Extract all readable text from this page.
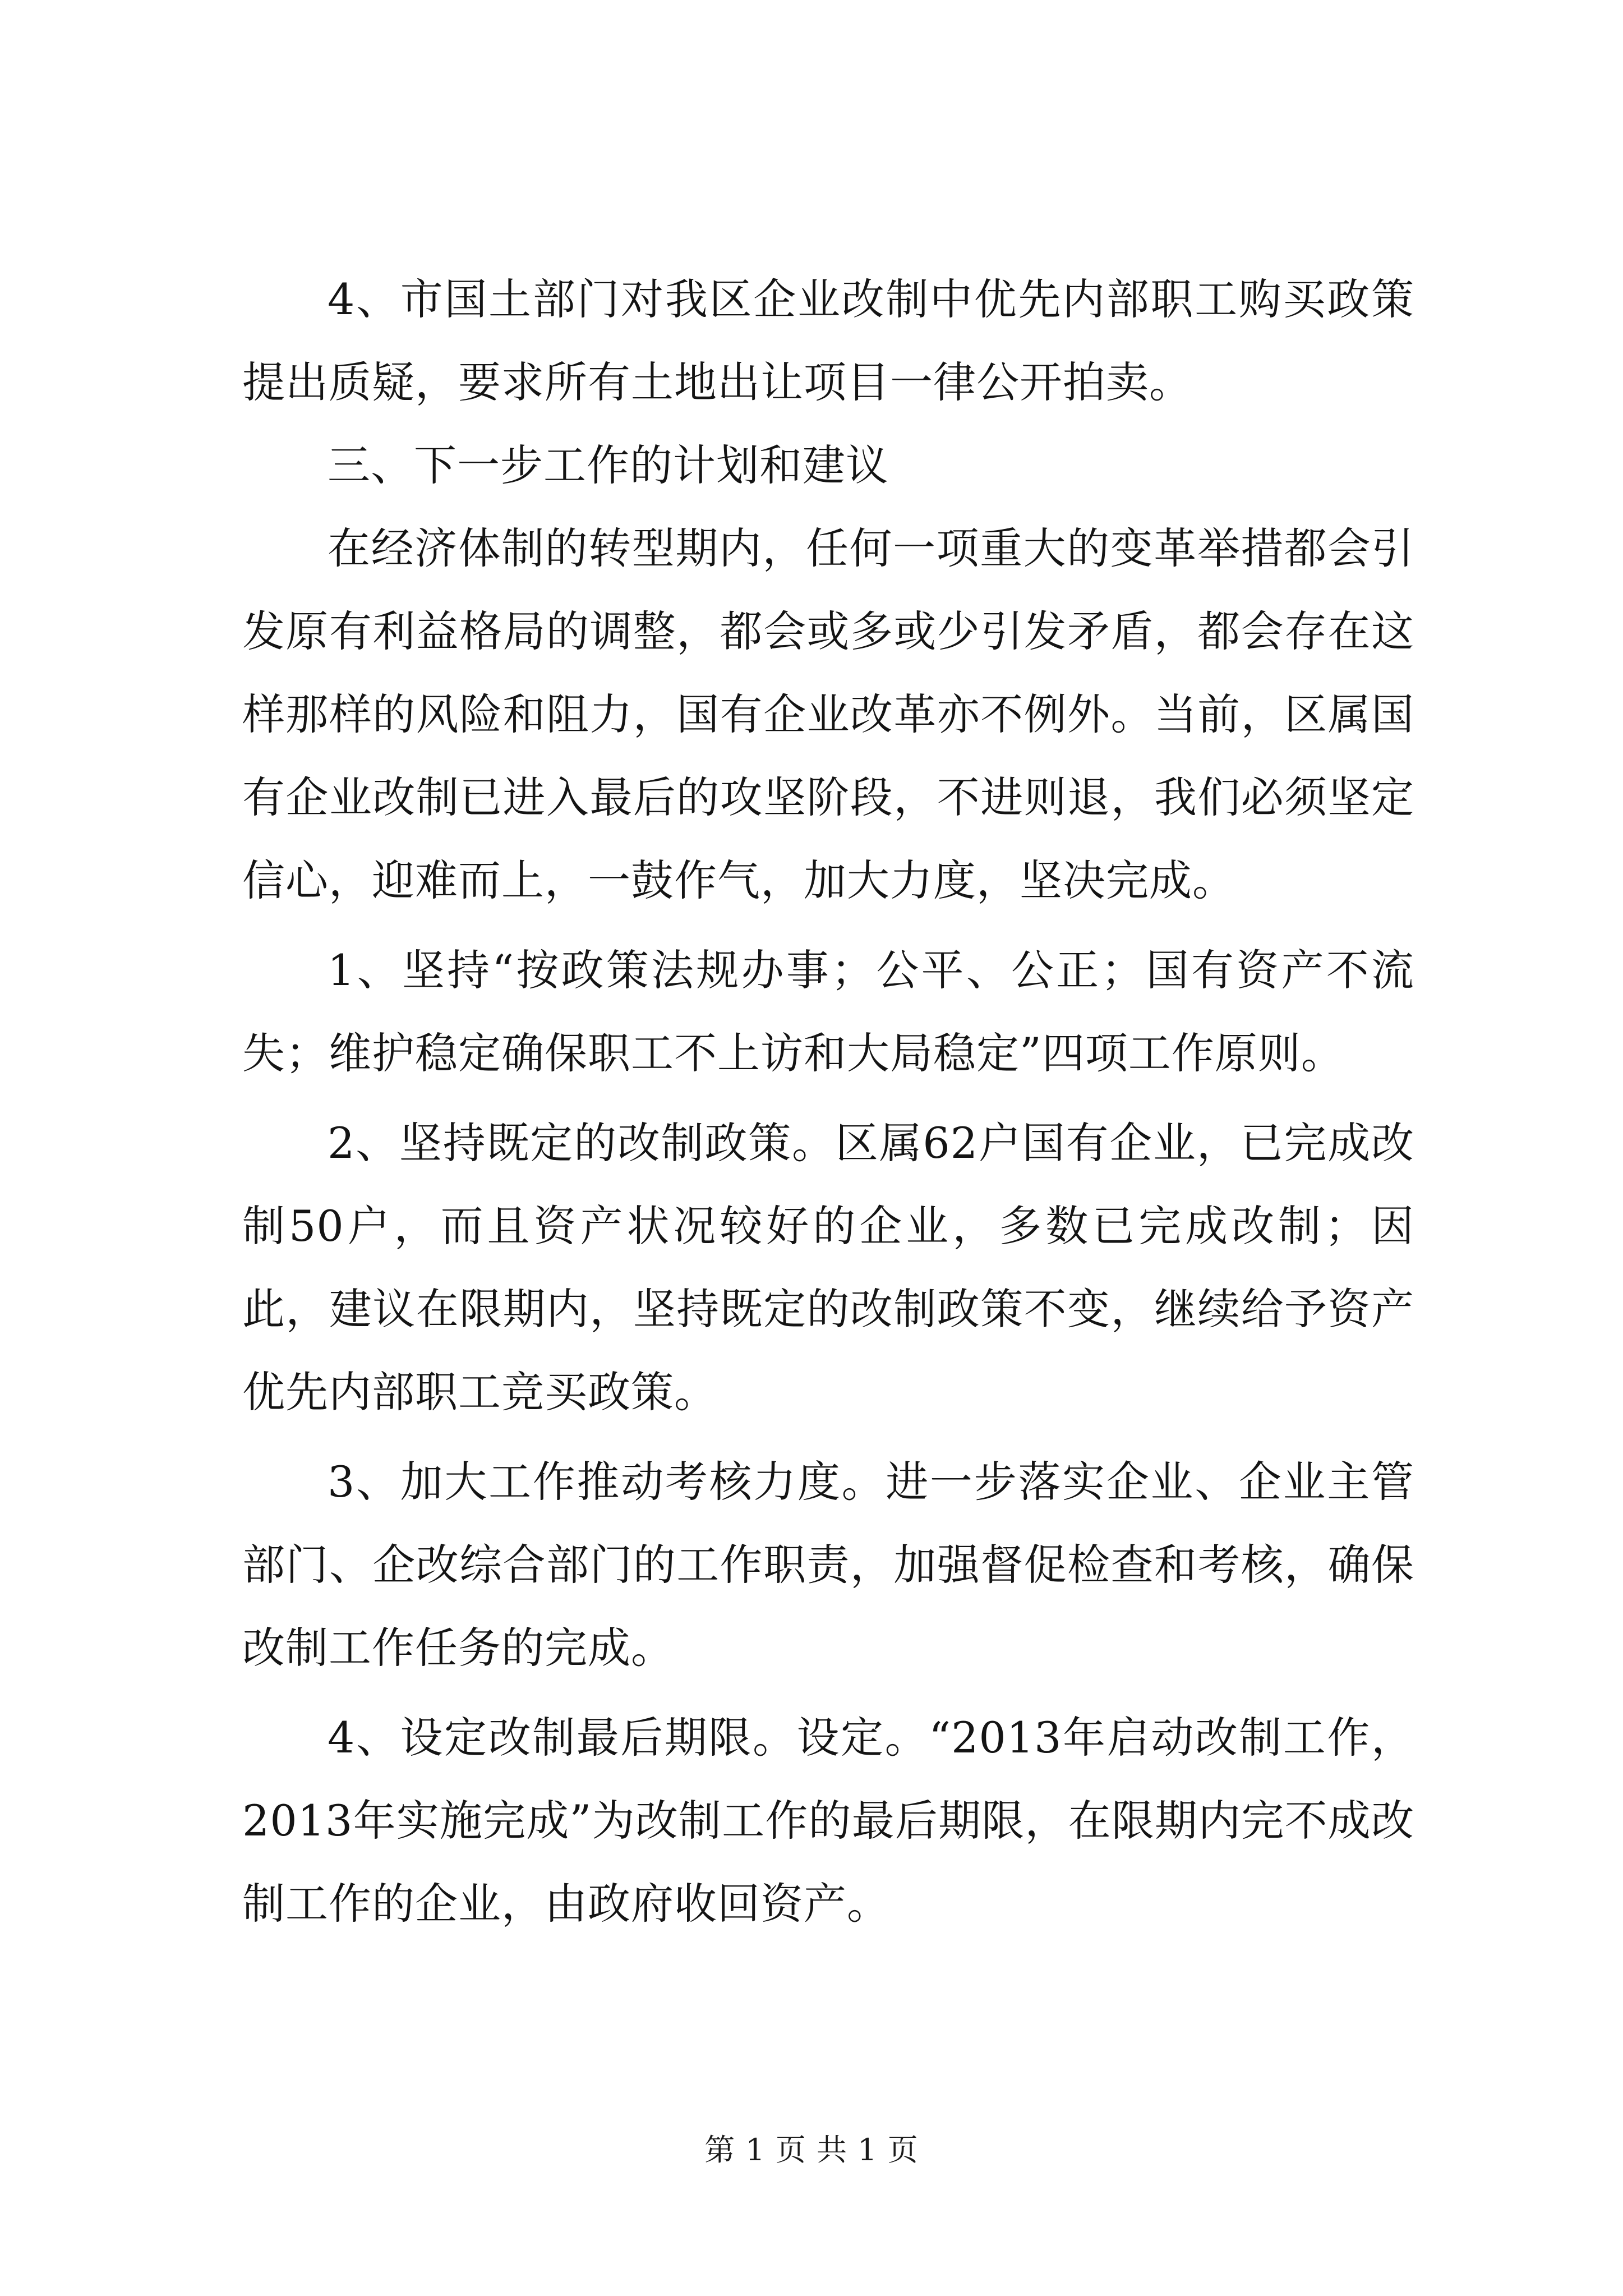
4、市国土部门对我区企业改制中优先内部职工购买政策提出质疑，要求所有土地出让项目一律公开拍卖。

三、下一步工作的计划和建议

在经济体制的转型期内，任何一项重大的变革举措都会引发原有利益格局的调整，都会或多或少引发矛盾，都会存在这样那样的风险和阻力，国有企业改革亦不例外。当前，区属国有企业改制已进入最后的攻坚阶段，不进则退，我们必须坚定信心，迎难而上，一鼓作气，加大力度，坚决完成。

1、坚持“按政策法规办事；公平、公正；国有资产不流失；维护稳定确保职工不上访和大局稳定”四项工作原则。

2、坚持既定的改制政策。区属62户国有企业，已完成改制50户，而且资产状况较好的企业，多数已完成改制；因此，建议在限期内，坚持既定的改制政策不变，继续给予资产优先内部职工竞买政策。

3、加大工作推动考核力度。进一步落实企业、企业主管部门、企改综合部门的工作职责，加强督促检查和考核，确保改制工作任务的完成。

4、设定改制最后期限。设定。“2013年启动改制工作，2013年实施完成”为改制工作的最后期限，在限期内完不成改制工作的企业，由政府收回资产。

第 1 页 共 1 页
